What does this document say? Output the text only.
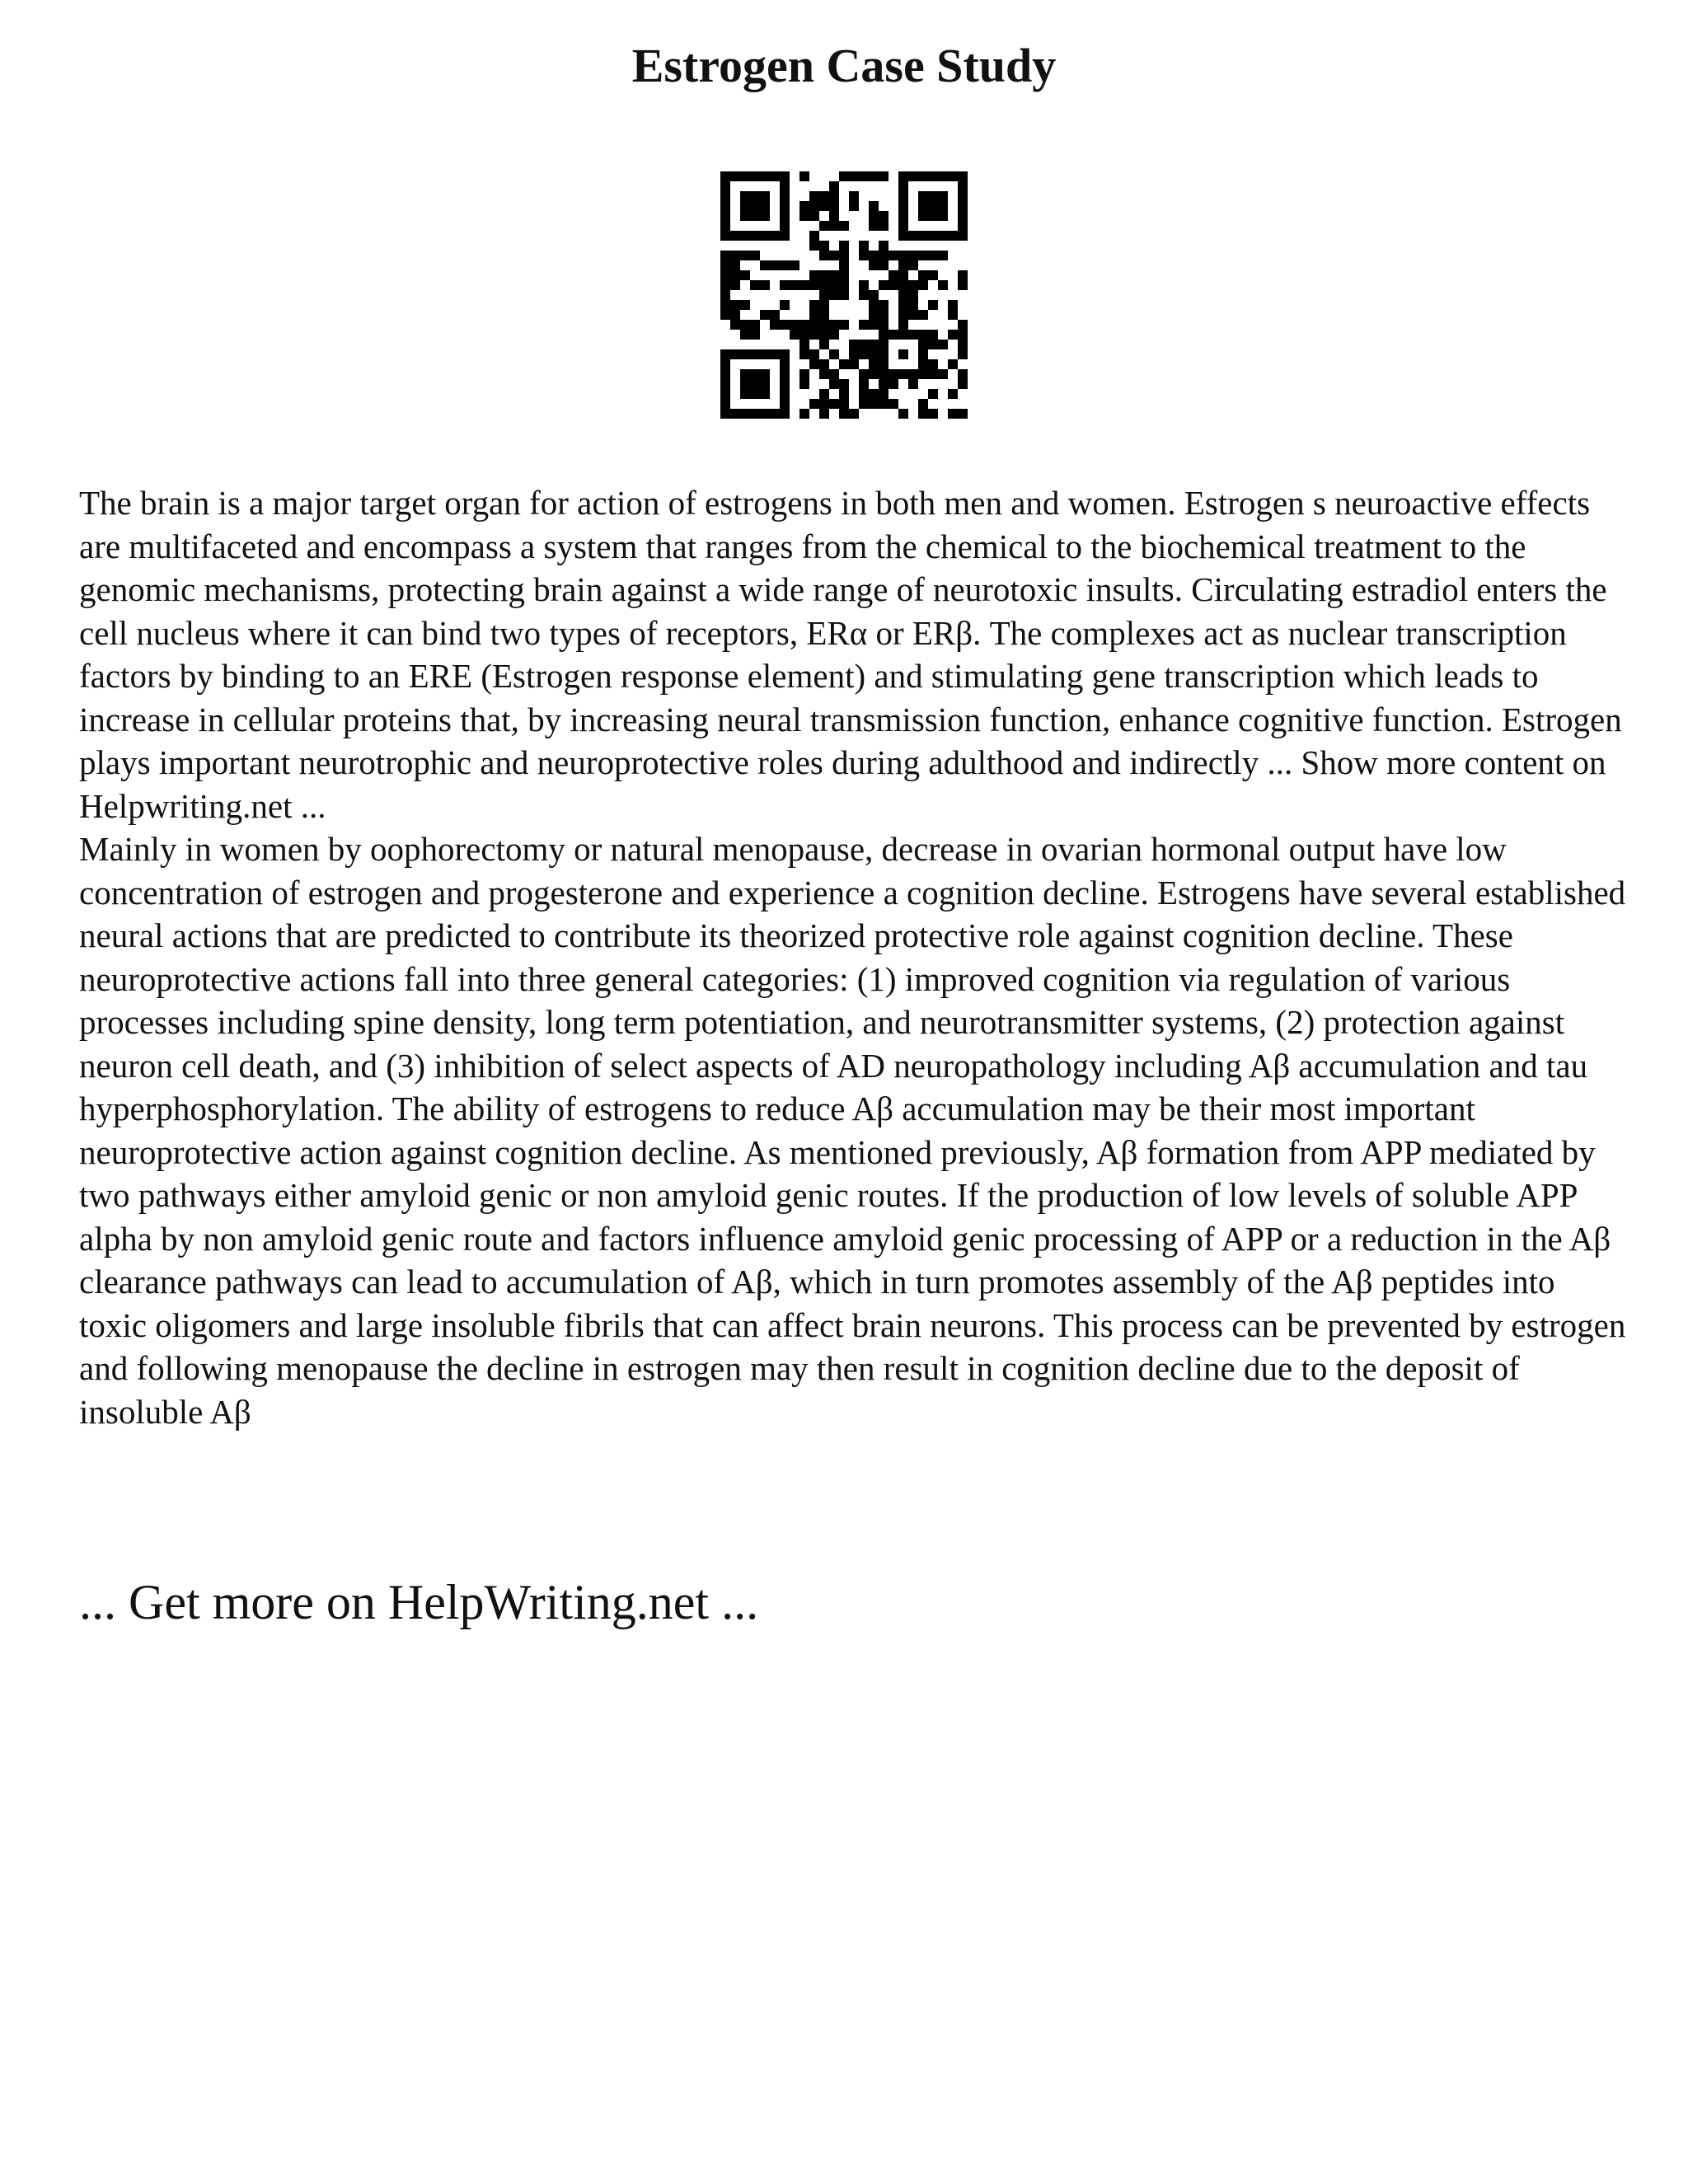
Estrogen Case Study

The brain is a major target organ for action of estrogens in both men and women. Estrogen s neuroactive effects are multifaceted and encompass a system that ranges from the chemical to the biochemical treatment to the genomic mechanisms, protecting brain against a wide range of neurotoxic insults. Circulating estradiol enters the cell nucleus where it can bind two types of receptors, ERα or ERβ. The complexes act as nuclear transcription factors by binding to an ERE (Estrogen response element) and stimulating gene transcription which leads to increase in cellular proteins that, by increasing neural transmission function, enhance cognitive function. Estrogen plays important neurotrophic and neuroprotective roles during adulthood and indirectly ... Show more content on Helpwriting.net ...

Mainly in women by oophorectomy or natural menopause, decrease in ovarian hormonal output have low concentration of estrogen and progesterone and experience a cognition decline. Estrogens have several established neural actions that are predicted to contribute its theorized protective role against cognition decline. These neuroprotective actions fall into three general categories: (1) improved cognition via regulation of various processes including spine density, long term potentiation, and neurotransmitter systems, (2) protection against neuron cell death, and (3) inhibition of select aspects of AD neuropathology including Aβ accumulation and tau hyperphosphorylation. The ability of estrogens to reduce Aβ accumulation may be their most important neuroprotective action against cognition decline. As mentioned previously, Aβ formation from APP mediated by two pathways either amyloid genic or non amyloid genic routes. If the production of low levels of soluble APP alpha by non amyloid genic route and factors influence amyloid genic processing of APP or a reduction in the Aβ clearance pathways can lead to accumulation of Aβ, which in turn promotes assembly of the Aβ peptides into toxic oligomers and large insoluble fibrils that can affect brain neurons. This process can be prevented by estrogen and following menopause the decline in estrogen may then result in cognition decline due to the deposit of insoluble Aβ

... Get more on HelpWriting.net ...
